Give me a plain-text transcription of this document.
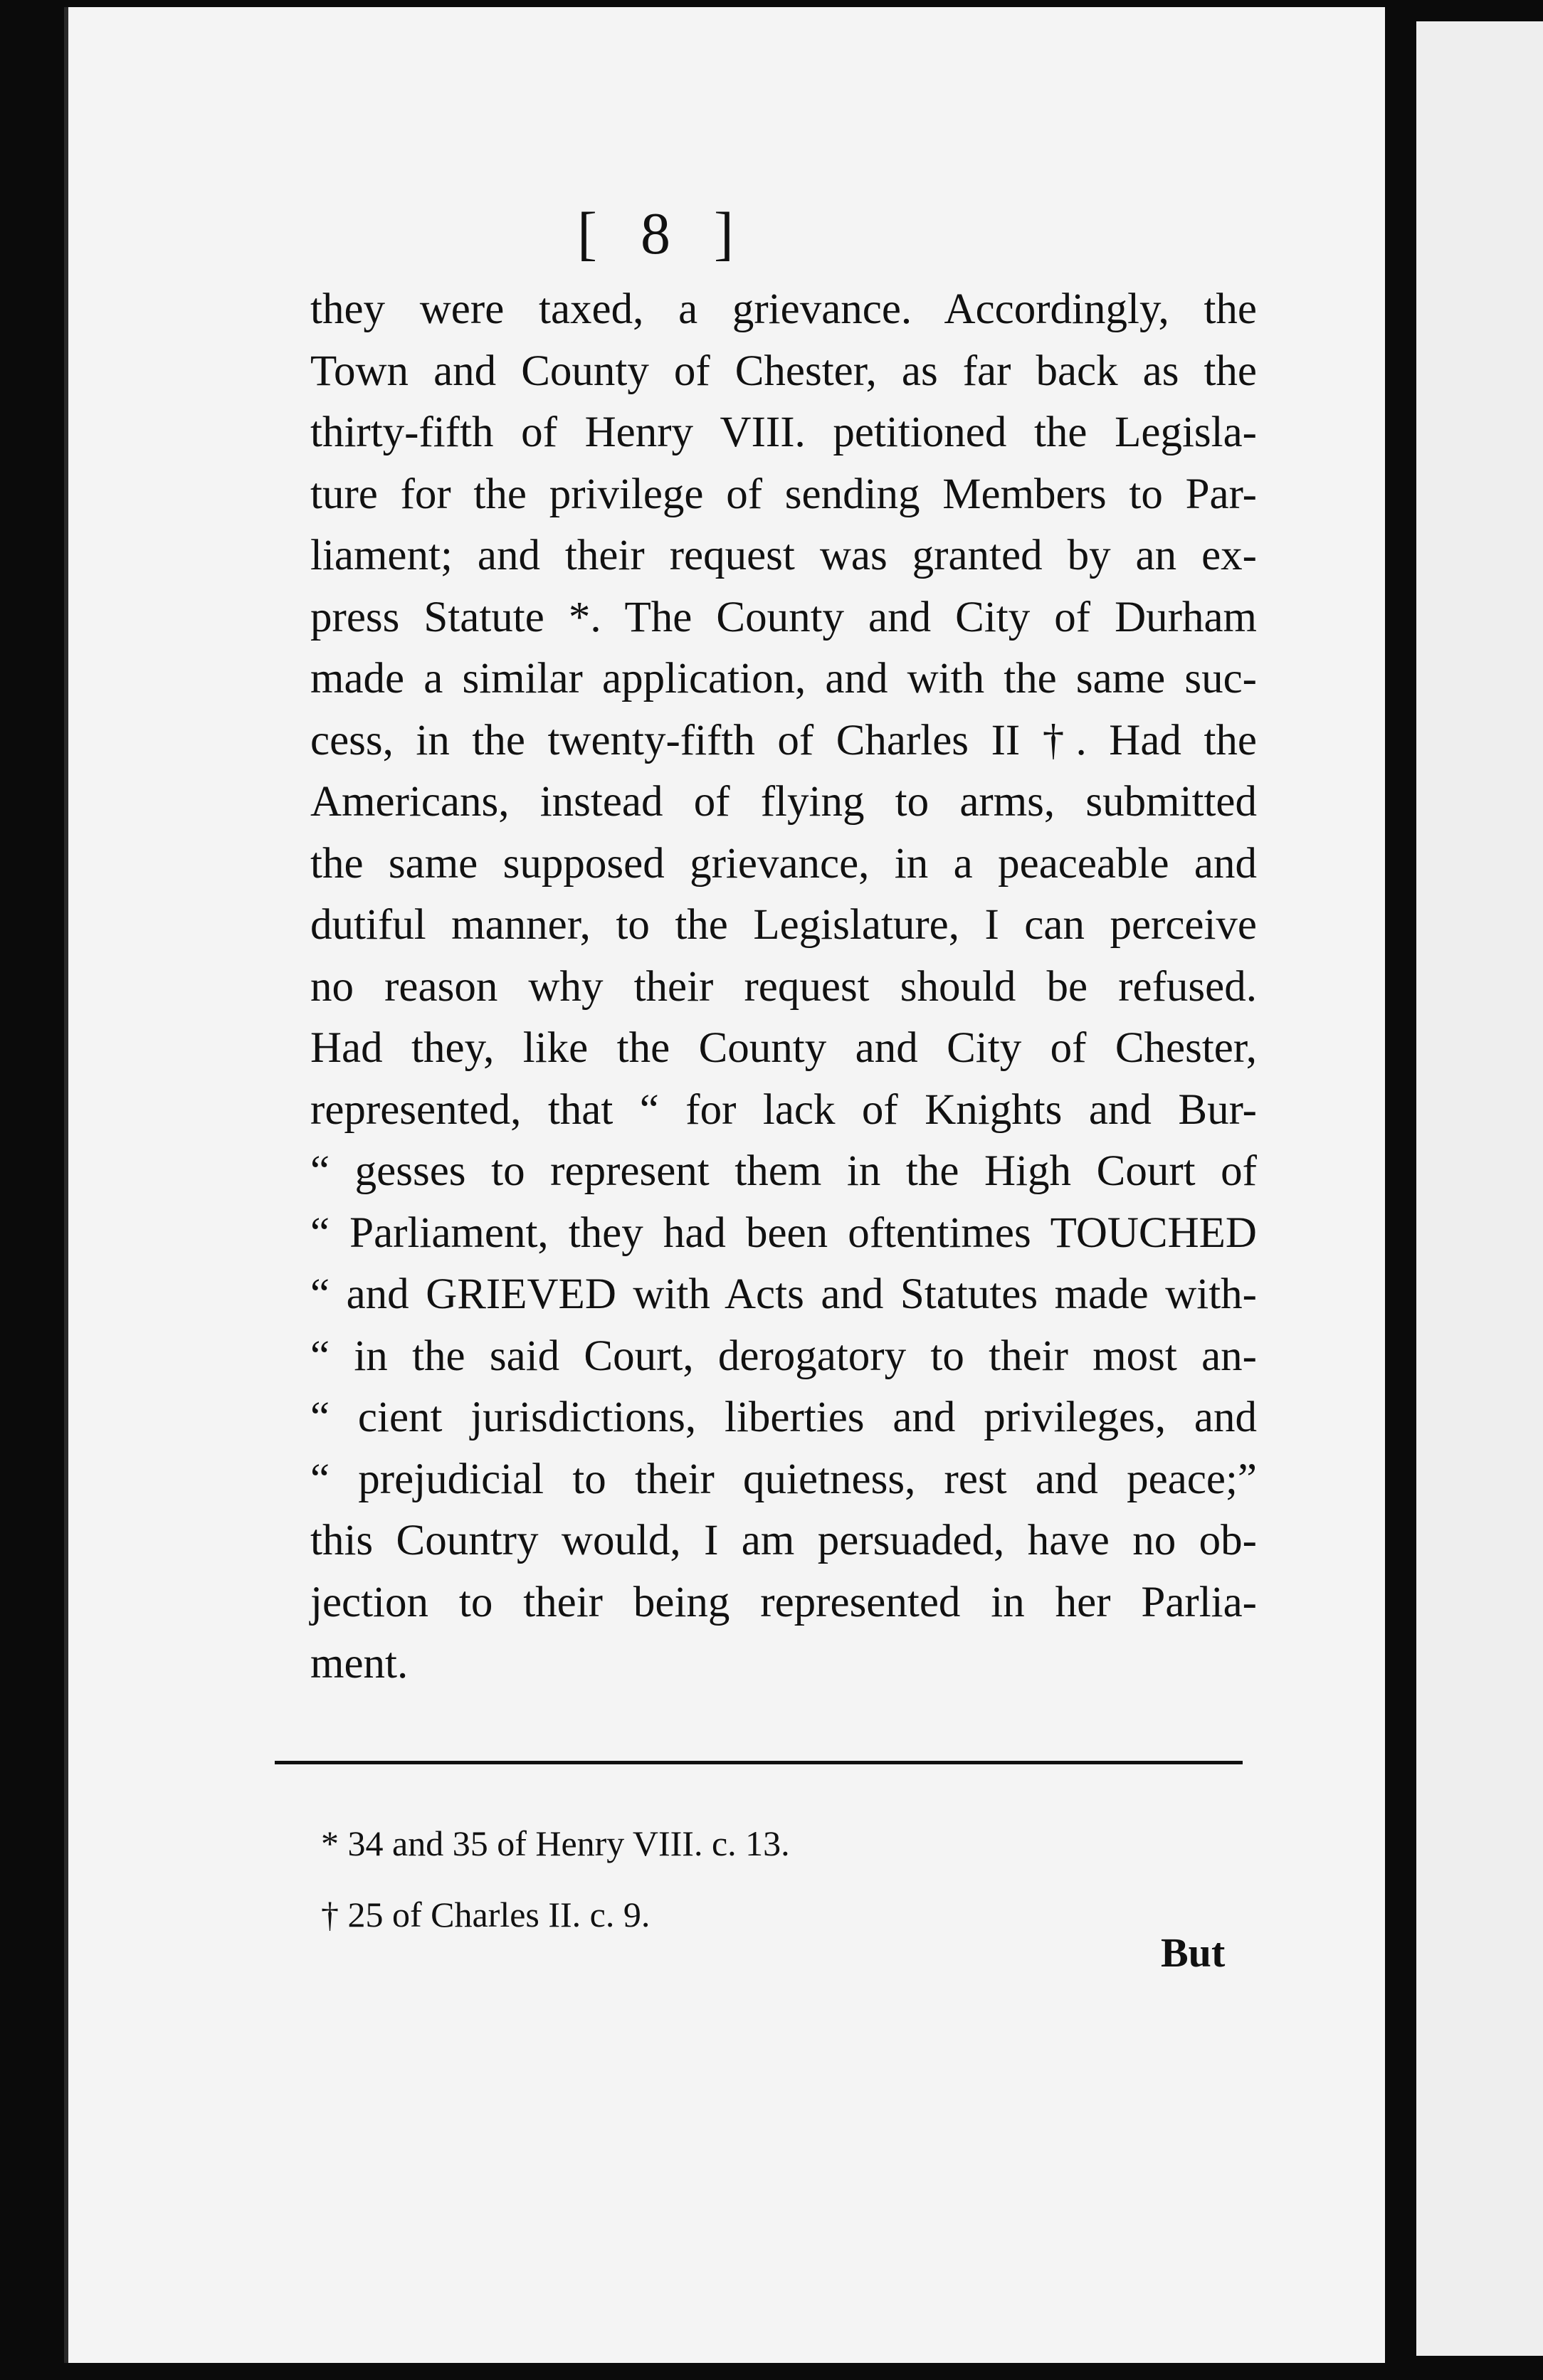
[ 8 ]
they were taxed, a grievance. Accordingly, the
Town and County of Chester, as far back as the
thirty-fifth of Henry VIII. petitioned the Legisla-
ture for the privilege of sending Members to Par-
liament; and their request was granted by an ex-
press Statute *. The County and City of Durham
made a similar application, and with the same suc-
cess, in the twenty-fifth of Charles II †. Had the
Americans, instead of flying to arms, submitted
the same supposed grievance, in a peaceable and
dutiful manner, to the Legislature, I can perceive
no reason why their request should be refused.
Had they, like the County and City of Chester,
represented, that “ for lack of Knights and Bur-
“ gesses to represent them in the High Court of
“ Parliament, they had been oftentimes TOUCHED
“ and GRIEVED with Acts and Statutes made with-
“ in the said Court, derogatory to their most an-
“ cient jurisdictions, liberties and privileges, and
“ prejudicial to their quietness, rest and peace;”
this Country would, I am persuaded, have no ob-
jection to their being represented in her Parlia-
ment.
* 34 and 35 of Henry VIII. c. 13.
† 25 of Charles II. c. 9.
But
